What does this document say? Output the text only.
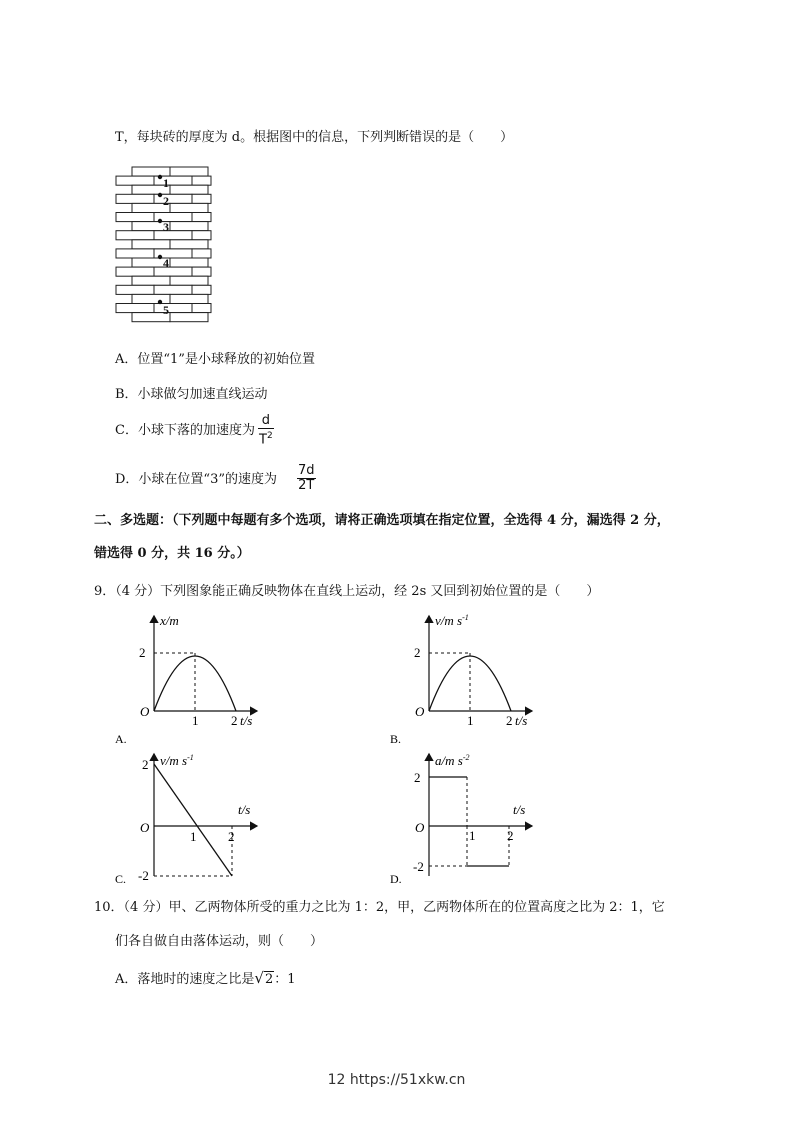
T，每块砖的厚度为 d。根据图中的信息，下列判断错误的是（　　）
1
2
3
4
5
A．位置“1”是小球释放的初始位置
B．小球做匀加速直线运动
C．小球下落的加速度为 $\frac{d}{T^2}$
D．小球在位置“3”的速度为 $\frac{7d}{2T}$
二、多选题：（下列题中每题有多个选项，请将正确选项填在指定位置，全选得 4 分，漏选得 2 分，
错选得 0 分，共 16 分。）
9．（4 分）下列图象能正确反映物体在直线上运动，经 2s 又回到初始位置的是（　　）
x/m
2
O
1	2 t/s
A.
v/m $s^{-1}$
2
O
1	2 t/s
B.
v/m $s^{-1}$
2
-2
O
1 2
t/s
C.
a/m $s^{-2}$
2
-2
O
1 2
t/s
D.
10．（4 分）甲、乙两物体所受的重力之比为 1：2，甲，乙两物体所在的位置高度之比为 2：1，它
们各自做自由落体运动，则（　　）
A．落地时的速度之比是√2：1
12 https://51xkw.cn
